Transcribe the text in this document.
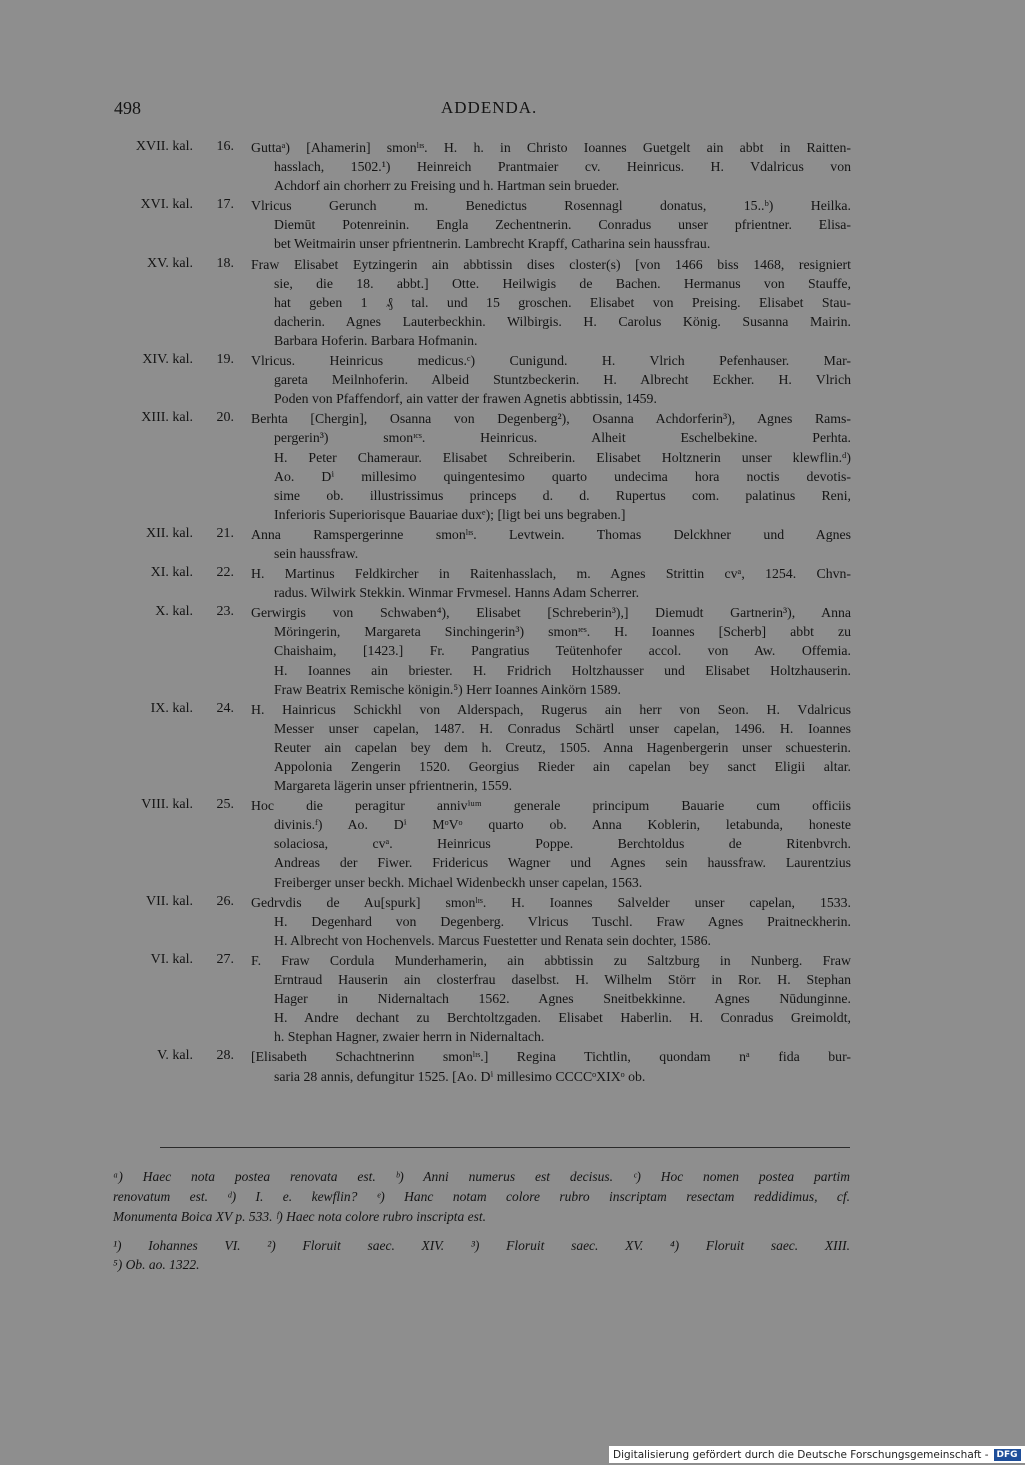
498	ADDENDA.
XVII. kal.	16. Guttaᵃ) [Ahamerin] smonˡᶦˢ. H. h. in Christo Ioannes Guetgelt ain abbt in Raitten-
hasslach, 1502.¹) Heinreich Prantmaier cv. Heinricus. H. Vdalricus von
Achdorf ain chorherr zu Freising und h. Hartman sein brueder.
XVI. kal.	17. Vlricus Gerunch m. Benedictus Rosennagl donatus, 15..ᵇ) Heilka.
Diemūt Potenreinin. Engla Zechentnerin. Conradus unser pfrientner. Elisa-
bet Weitmairin unser pfrientnerin. Lambrecht Krapff, Catharina sein haussfrau.
XV. kal.	18. Fraw Elisabet Eytzingerin ain abbtissin dises closter(s) [von 1466 biss 1468, resigniert
sie, die 18. abbt.] Otte. Heilwigis de Bachen. Hermanus von Stauffe,
hat geben 1 ₰ tal. und 15 groschen. Elisabet von Preising. Elisabet Stau-
dacherin. Agnes Lauterbeckhin. Wilbirgis. H. Carolus König. Susanna Mairin.
Barbara Hoferin. Barbara Hofmanin.
XIV. kal.	19. Vlricus. Heinricus medicus.ᶜ) Cunigund. H. Vlrich Pefenhauser. Mar-
gareta Meilnhoferin. Albeid Stuntzbeckerin. H. Albrecht Eckher. H. Vlrich
Poden von Pfaffendorf, ain vatter der frawen Agnetis abbtissin, 1459.
XIII. kal.	20. Berhta [Chergin], Osanna von Degenberg²), Osanna Achdorferin³), Agnes Rams-
pergerin³) smonᶦᶜˢ. Heinricus. Alheit Eschelbekine. Perhta.
H. Peter Chameraur. Elisabet Schreiberin. Elisabet Holtznerin unser klewflin.ᵈ)
Ao. Dⁱ millesimo quingentesimo quarto undecima hora noctis devotis-
sime ob. illustrissimus princeps d. d. Rupertus com. palatinus Reni,
Inferioris Superiorisque Bauariae duxᵉ); [ligt bei uns begraben.]
XII. kal.	21. Anna Ramspergerinne smonˡᶦˢ. Levtwein. Thomas Delckhner und Agnes
sein haussfraw.
XI. kal.	22. H. Martinus Feldkircher in Raitenhasslach, m. Agnes Strittin cvᵃ, 1254. Chvn-
radus. Wilwirk Stekkin. Winmar Frvmesel. Hanns Adam Scherrer.
X. kal.	23. Gerwirgis von Schwaben⁴), Elisabet [Schreberin³),] Diemudt Gartnerin³), Anna
Möringerin, Margareta Sinchingerin³) smonᶦᵉˢ. H. Ioannes [Scherb] abbt zu
Chaishaim, [1423.] Fr. Pangratius Teütenhofer accol. von Aw. Offemia.
H. Ioannes ain briester. H. Fridrich Holtzhausser und Elisabet Holtzhauserin.
Fraw Beatrix Remische königin.⁵) Herr Ioannes Ainkörn 1589.
IX. kal.	24. H. Hainricus Schickhl von Alderspach, Rugerus ain herr von Seon. H. Vdalricus
Messer unser capelan, 1487. H. Conradus Schärtl unser capelan, 1496. H. Ioannes
Reuter ain capelan bey dem h. Creutz, 1505. Anna Hagenbergerin unser schuesterin.
Appolonia Zengerin 1520. Georgius Rieder ain capelan bey sanct Eligii altar.
Margareta lägerin unser pfrientnerin, 1559.
VIII. kal.	25. Hoc die peragitur annivⁱᵘᵐ generale principum Bauarie cum officiis
divinis.ᶠ) Ao. Dⁱ MᵒVᵒ quarto ob. Anna Koblerin, letabunda, honeste
solaciosa, cvᵃ. Heinricus Poppe. Berchtoldus de Ritenbvrch.
Andreas der Fiwer. Fridericus Wagner und Agnes sein haussfraw. Laurentzius
Freiberger unser beckh. Michael Widenbeckh unser capelan, 1563.
VII. kal.	26. Gedrvdis de Au[spurk] smonˡᶦˢ. H. Ioannes Salvelder unser capelan, 1533.
H. Degenhard von Degenberg. Vlricus Tuschl. Fraw Agnes Praitneckherin.
H. Albrecht von Hochenvels. Marcus Fuestetter und Renata sein dochter, 1586.
VI. kal.	27. F. Fraw Cordula Munderhamerin, ain abbtissin zu Saltzburg in Nunberg. Fraw
Erntraud Hauserin ain closterfrau daselbst. H. Wilhelm Störr in Ror. H. Stephan
Hager in Nidernaltach 1562. Agnes Sneitbekkinne. Agnes Nūdunginne.
H. Andre dechant zu Berchtoltzgaden. Elisabet Haberlin. H. Conradus Greimoldt,
h. Stephan Hagner, zwaier herrn in Nidernaltach.
V. kal.	28. [Elisabeth Schachtnerinn smonˡᶦˢ.] Regina Tichtlin, quondam nᵃ fida bur-
saria 28 annis, defungitur 1525. [Ao. Dⁱ millesimo CCCCᵒXIXᵒ ob.

ᵃ) Haec nota postea renovata est. ᵇ) Anni numerus est decisus. ᶜ) Hoc nomen postea partim

renovatum est. ᵈ) I. e. kewflin? ᵉ) Hanc notam colore rubro inscriptam resectam reddidimus, cf.

Monumenta Boica XV p. 533. ᶠ) Haec nota colore rubro inscripta est.

¹) Iohannes VI. ²) Floruit saec. XIV. ³) Floruit saec. XV. ⁴) Floruit saec. XIII.

⁵) Ob. ao. 1322.

Digitalisierung gefördert durch die Deutsche Forschungsgemeinschaft - DFG
